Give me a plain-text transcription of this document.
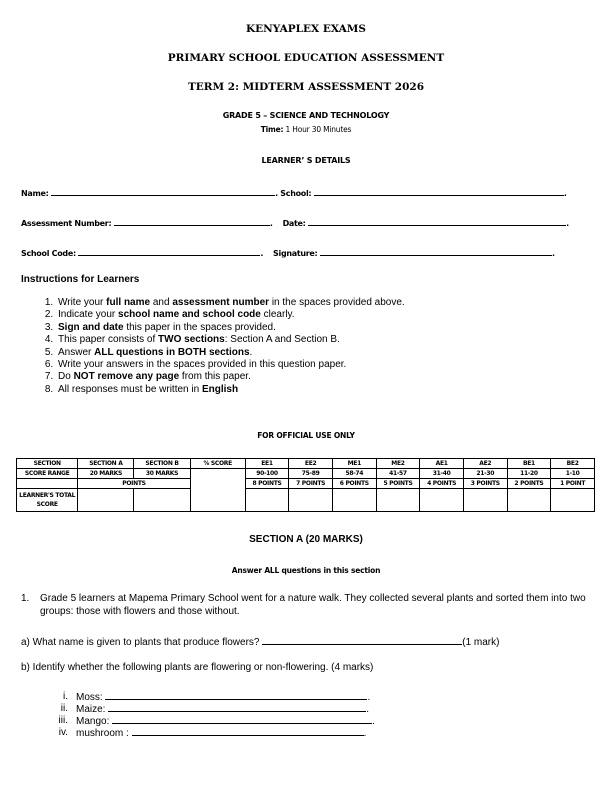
KENYAPLEX EXAMS
PRIMARY SCHOOL EDUCATION ASSESSMENT
TERM 2: MIDTERM ASSESSMENT 2026
GRADE 5 – SCIENCE AND TECHNOLOGY
Time: 1 Hour 30 Minutes
LEARNER’ S DETAILS
Name:	. School:	.
Assessment Number:	.    Date:	.
School Code:	.    Signature:	.
Instructions for Learners
1. Write your full name and assessment number in the spaces provided above.
2. Indicate your school name and school code clearly.
3. Sign and date this paper in the spaces provided.
4. This paper consists of TWO sections: Section A and Section B.
5. Answer ALL questions in BOTH sections.
6. Write your answers in the spaces provided in this question paper.
7. Do NOT remove any page from this paper.
8. All responses must be written in English
FOR OFFICIAL USE ONLY
SECTION	SECTION A	SECTION B	% SCORE	EE1	EE2	ME1	ME2	AE1	AE2	BE1	BE2
SCORE RANGE	20 MARKS	30 MARKS		90-100	75-89	58-74	41-57	31-40	21-30	11-20	1-10
	POINTS			8 POINTS	7 POINTS	6 POINTS	5 POINTS	4 POINTS	3 POINTS	2 POINTS	1 POINT
LEARNER'S TOTAL SCORE											
SECTION A (20 MARKS)
Answer ALL questions in this section
1. Grade 5 learners at Mapema Primary School went for a nature walk. They collected several plants and sorted them into two groups: those with flowers and those without.
a) What name is given to plants that produce flowers?	(1 mark)
b) Identify whether the following plants are flowering or non-flowering. (4 marks)
i. Moss:	.
ii. Maize:	.
iii. Mango:	.
iv. mushroom :	.
